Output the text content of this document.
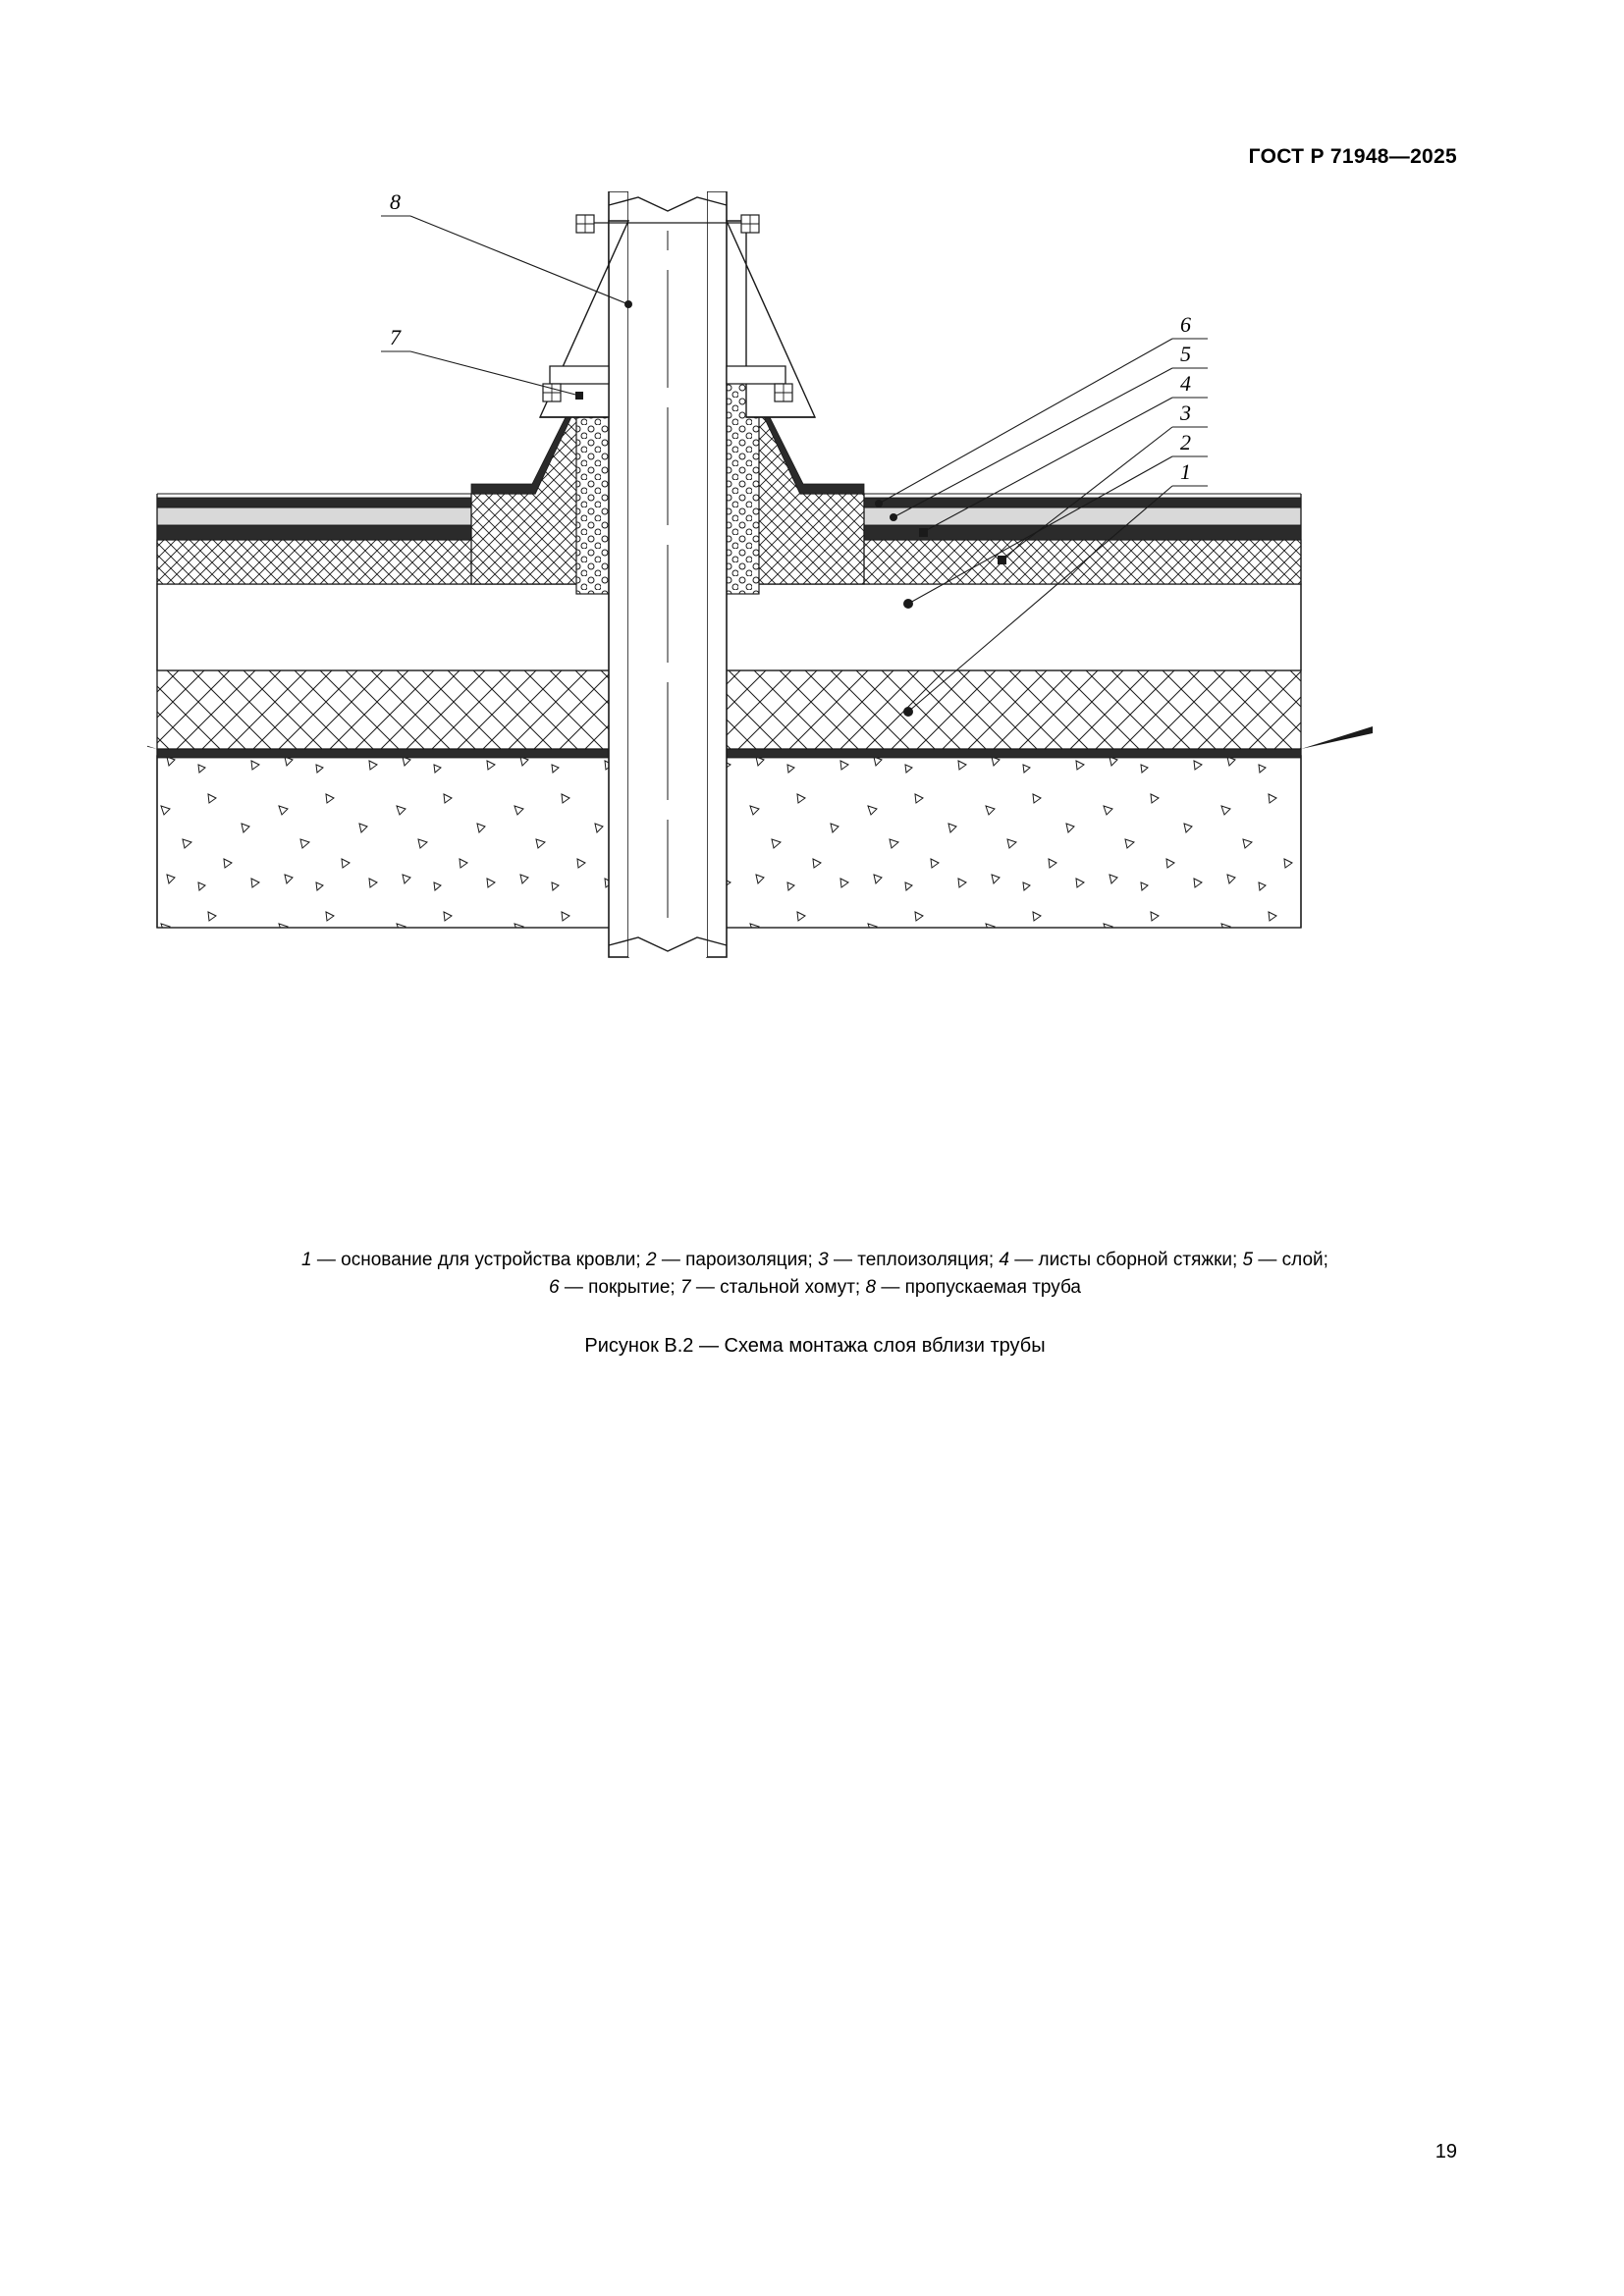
ГОСТ Р 71948—2025
8
7
6
5
4
3
2
1
1 — основание для устройства кровли; 2 — пароизоляция; 3 — теплоизоляция; 4 — листы сборной стяжки; 5 — слой;
6 — покрытие; 7 — стальной хомут; 8 — пропускаемая труба
Рисунок В.2 — Схема монтажа слоя вблизи трубы
19
